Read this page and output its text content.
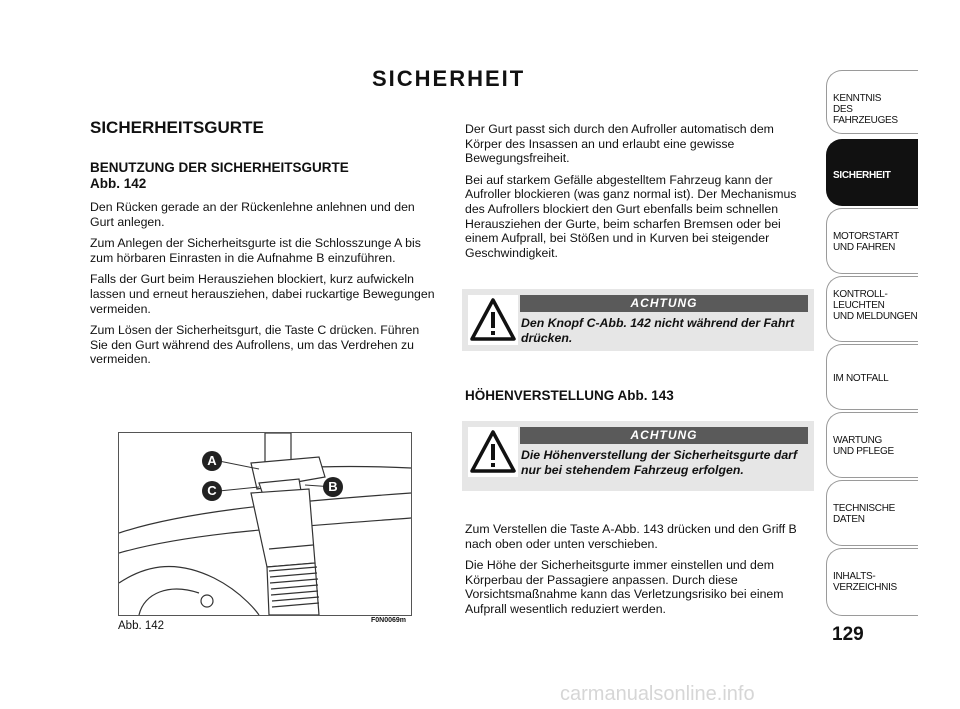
SICHERHEIT
SICHERHEITSGURTE
BENUTZUNG DER SICHERHEITSGURTE
Abb. 142

Den Rücken gerade an der Rückenlehne anlehnen und den Gurt anlegen.

Zum Anlegen der Sicherheitsgurte ist die Schlosszunge A bis zum hörbaren Einrasten in die Aufnahme B einzuführen.

Falls der Gurt beim Herausziehen blockiert, kurz aufwickeln lassen und erneut herausziehen, dabei ruckartige Bewegungen vermeiden.

Zum Lösen der Sicherheitsgurt, die Taste C drücken. Führen Sie den Gurt während des Aufrollens, um das Verdrehen zu vermeiden.

A
C	B
Abb. 142	F0N0069m

Der Gurt passt sich durch den Aufroller automatisch dem Körper des Insassen an und erlaubt eine gewisse Bewegungsfreiheit.

Bei auf starkem Gefälle abgestelltem Fahrzeug kann der Aufroller blockieren (was ganz normal ist). Der Mechanismus des Aufrollers blockiert den Gurt ebenfalls beim schnellen Herausziehen der Gurte, beim scharfen Bremsen oder bei einem Aufprall, bei Stößen und in Kurven bei steigender Geschwindigkeit.

ACHTUNG
Den Knopf C-Abb. 142 nicht während der Fahrt drücken.
HÖHENVERSTELLUNG Abb. 143
ACHTUNG
Die Höhenverstellung der Sicherheitsgurte darf nur bei stehendem Fahrzeug erfolgen.

Zum Verstellen die Taste A-Abb. 143 drücken und den Griff B nach oben oder unten verschieben.

Die Höhe der Sicherheitsgurte immer einstellen und dem Körperbau der Passagiere anpassen. Durch diese Vorsichtsmaßnahme kann das Verletzungsrisiko bei einem Aufprall wesentlich reduziert werden.

KENNTNIS
DES FAHRZEUGES
SICHERHEIT
MOTORSTART
UND FAHREN
KONTROLL-
LEUCHTEN
UND MELDUNGEN
IM NOTFALL
WARTUNG
UND PFLEGE
TECHNISCHE
DATEN
INHALTS-
VERZEICHNIS
129
carmanualsonline.info
